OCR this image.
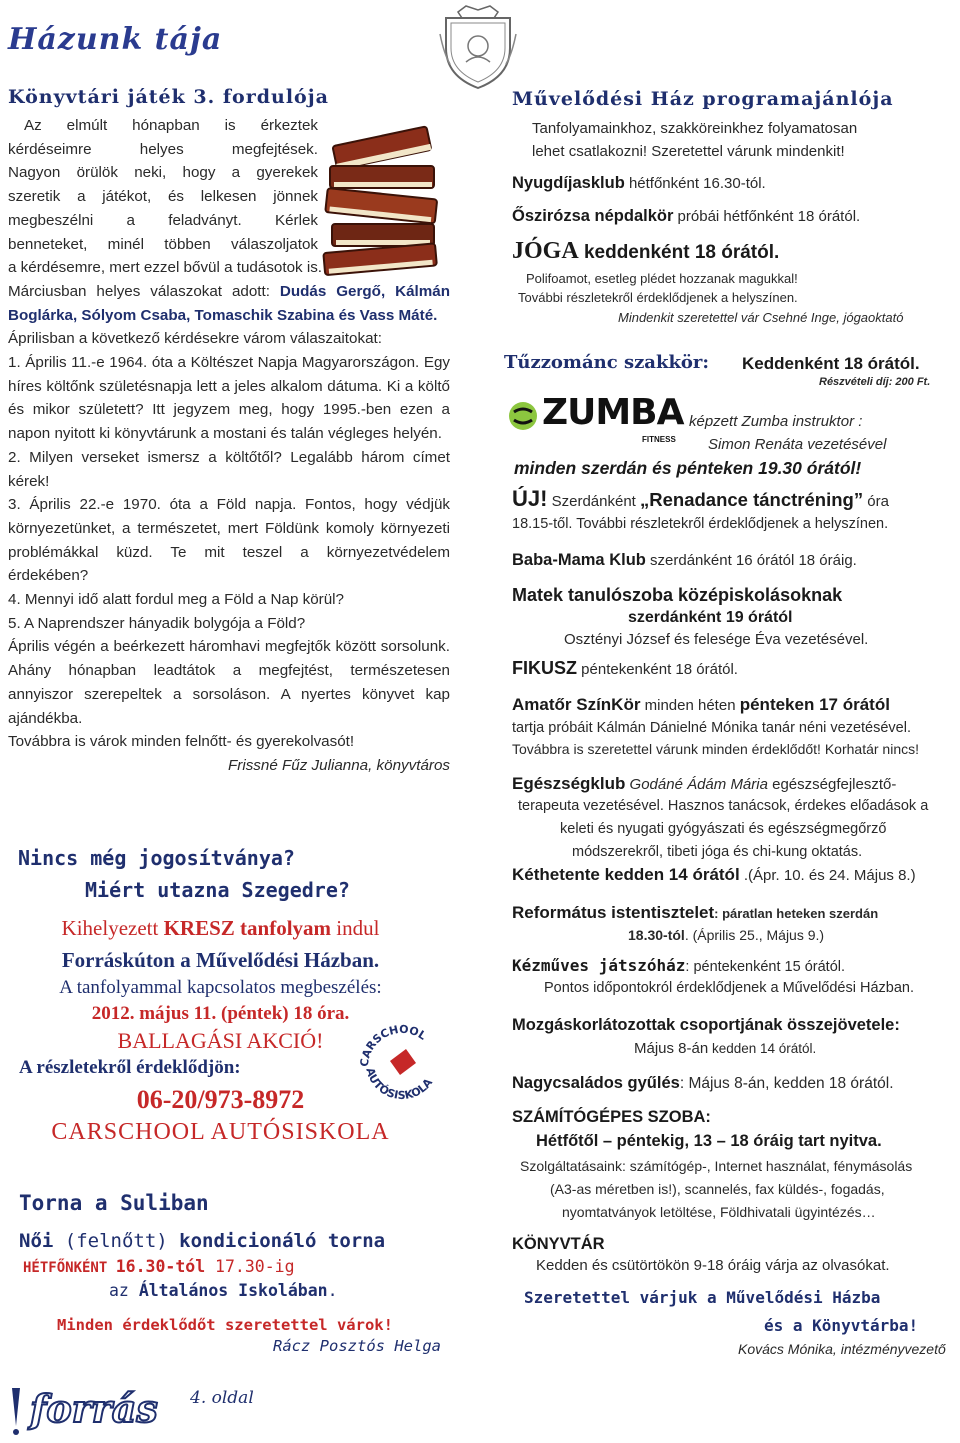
Házunk tája
Könyvtári játék 3. fordulója

Az elmúlt hónapban is érkeztek

kérdéseimre helyes megfejtések.

Nagyon örülök neki, hogy a gyerekek

szeretik a játékot, és lelkesen jönnek

megbeszélni a feladványt. Kérlek

benneteket, minél többen válaszoljatok

a kérdésemre, mert ezzel bővül a tudásotok is.

Márciusban helyes válaszokat adott: Dudás Gergő, Kálmán Boglárka, Sólyom Csaba, Tomaschik Szabina és Vass Máté.

Áprilisban a következő kérdésekre várom válaszaitokat:

1. Április 11.-e 1964. óta a Költészet Napja Magyarországon. Egy híres költőnk születésnapja lett a jeles alkalom dátuma. Ki a költő és mikor született? Itt jegyzem meg, hogy 1995.-ben ezen a napon nyitott ki könyvtárunk a mostani és talán végleges helyén.

2. Milyen verseket ismersz a költőtől? Legalább három címet kérek!

3. Április 22.-e 1970. óta a Föld napja. Fontos, hogy védjük környezetünket, a természetet, mert Földünk komoly környezeti problémákkal küzd. Te mit teszel a környezetvédelem érdekében?

4. Mennyi idő alatt fordul meg a Föld a Nap körül?

5. A Naprendszer hányadik bolygója a Föld?

Április végén a beérkezett háromhavi megfejtők között sorsolunk. Ahány hónapban leadtátok a megfejtést, természetesen annyiszor szerepeltek a sorsoláson. A nyertes könyvet kap ajándékba.

Továbbra is várok minden felnőtt- és gyerekolvasót!

Frissné Fűz Julianna, könyvtáros

Nincs még jogosítványa?
Miért utazna Szegedre?
Kihelyezett KRESZ tanfolyam indul
Forráskúton a Művelődési Házban.
A tanfolyammal kapcsolatos megbeszélés:
2012. május 11. (péntek) 18 óra.
BALLAGÁSI AKCIÓ!
A részletekről érdeklődjön:
06-20/973-8972
CARSCHOOL AUTÓSISKOLA
CARSCHOOL
AUTÓSISKOLA
Torna a Suliban
Női (felnőtt) kondicionáló torna
HÉTFŐNKÉNT 16.30-tól 17.30-ig
az Általános Iskolában.
Minden érdeklődőt szeretettel várok!
Rácz Posztós Helga
forrás 4. oldal
Művelődési Ház programajánlója
Tanfolyamainkhoz, szakköreinkhez folyamatosan
lehet csatlakozni! Szeretettel várunk mindenkit!
Nyugdíjasklub hétfőnként 16.30-tól.
Őszirózsa népdalkör próbái hétfőnként 18 órától.
JÓGA keddenként 18 órától.
Polifoamot, esetleg plédet hozzanak magukkal!
További részletekről érdeklődjenek a helyszínen.
Mindenkit szeretettel vár Csehné Inge, jógaoktató
Tűzzománc szakkör: Keddenként 18 órától.
Részvételi díj: 200 Ft.
ZUMBA
FITNESS
képzett Zumba instruktor :
Simon Renáta vezetésével
minden szerdán és pénteken 19.30 órától!
ÚJ! Szerdánként „Renadance tánctréning” óra
18.15-től. További részletekről érdeklődjenek a helyszínen.
Baba-Mama Klub szerdánként 16 órától 18 óráig.
Matek tanulószoba középiskolásoknak
szerdánként 19 órától
Osztényi József és felesége Éva vezetésével.
FIKUSZ péntekenként 18 órától.
Amatőr SzínKör minden héten pénteken 17 órától
tartja próbáit Kálmán Dánielné Mónika tanár néni vezetésével.
Továbbra is szeretettel várunk minden érdeklődőt! Korhatár nincs!
Egészségklub Godáné Ádám Mária egészségfejlesztő-
terapeuta vezetésével. Hasznos tanácsok, érdekes előadások a
keleti és nyugati gyógyászati és egészségmegőrző
módszerekről, tibeti jóga és chi-kung oktatás.
Kéthetente kedden 14 órától .(Ápr. 10. és 24. Május 8.)
Református istentisztelet: páratlan heteken szerdán
18.30-tól. (Április 25., Május 9.)
Kézműves játszóház: péntekenként 15 órától.
Pontos időpontokról érdeklődjenek a Művelődési Házban.
Mozgáskorlátozottak csoportjának összejövetele:
Május 8-án kedden 14 órától.
Nagycsaládos gyűlés: Május 8-án, kedden 18 órától.
SZÁMÍTÓGÉPES SZOBA:
Hétfőtől – péntekig, 13 – 18 óráig tart nyitva.
Szolgáltatásaink: számítógép-, Internet használat, fénymásolás
(A3-as méretben is!), scannelés, fax küldés-, fogadás,
nyomtatványok letöltése, Földhivatali ügyintézés…
KÖNYVTÁR
Kedden és csütörtökön 9-18 óráig várja az olvasókat.
Szeretettel várjuk a Művelődési Házba
és a Könyvtárba!
Kovács Mónika, intézményvezető
